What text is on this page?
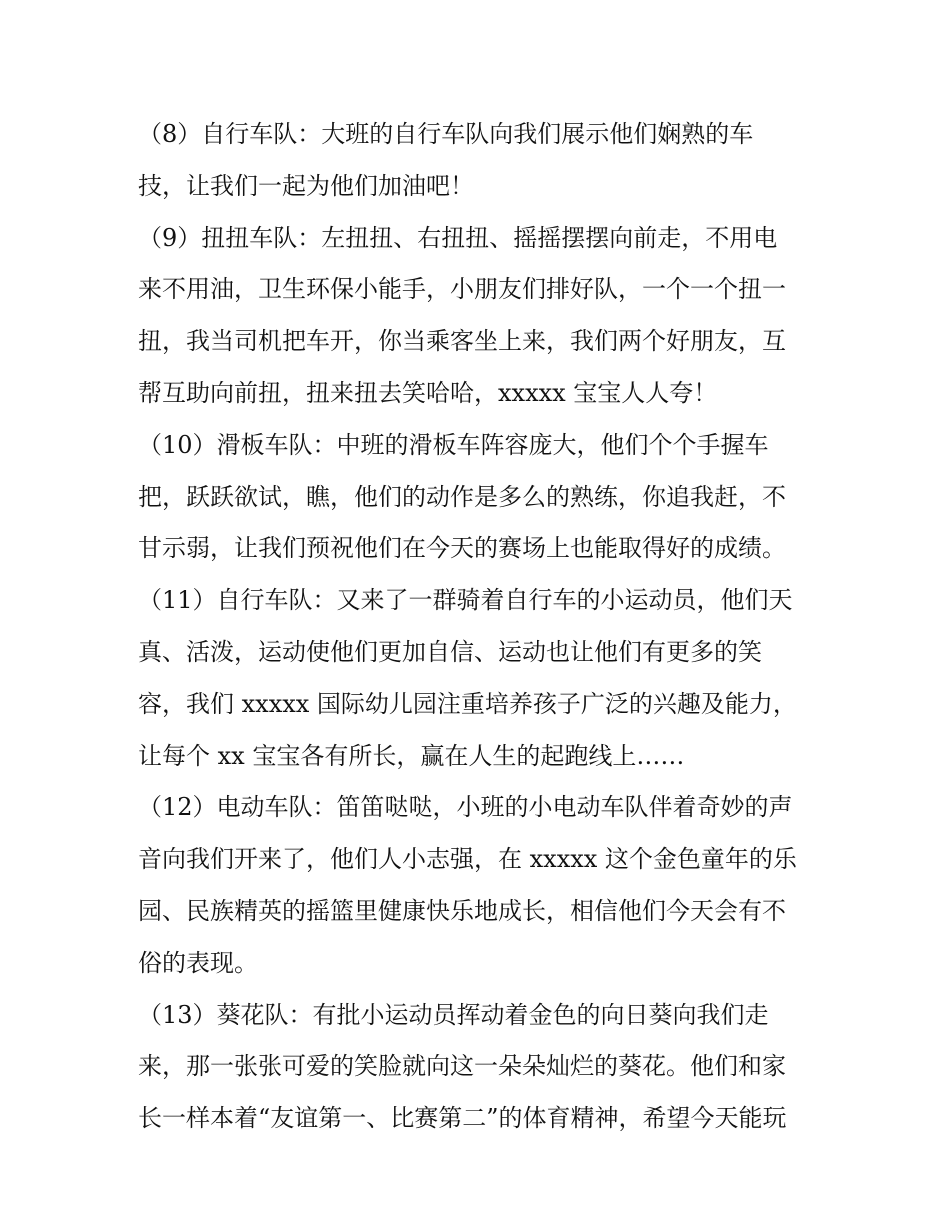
（8）自行车队：大班的自行车队向我们展示他们娴熟的车
技，让我们一起为他们加油吧！
（9）扭扭车队：左扭扭、右扭扭、摇摇摆摆向前走，不用电
来不用油，卫生环保小能手，小朋友们排好队，一个一个扭一
扭，我当司机把车开，你当乘客坐上来，我们两个好朋友，互
帮互助向前扭，扭来扭去笑哈哈，xxxxx 宝宝人人夸！
（10）滑板车队：中班的滑板车阵容庞大，他们个个手握车
把，跃跃欲试，瞧，他们的动作是多么的熟练，你追我赶，不
甘示弱，让我们预祝他们在今天的赛场上也能取得好的成绩。
（11）自行车队：又来了一群骑着自行车的小运动员，他们天
真、活泼，运动使他们更加自信、运动也让他们有更多的笑
容，我们 xxxxx 国际幼儿园注重培养孩子广泛的兴趣及能力，
让每个 xx 宝宝各有所长，赢在人生的起跑线上……
（12）电动车队：笛笛哒哒，小班的小电动车队伴着奇妙的声
音向我们开来了，他们人小志强，在 xxxxx 这个金色童年的乐
园、民族精英的摇篮里健康快乐地成长，相信他们今天会有不
俗的表现。
（13）葵花队：有批小运动员挥动着金色的向日葵向我们走
来，那一张张可爱的笑脸就向这一朵朵灿烂的葵花。他们和家
长一样本着“友谊第一、比赛第二”的体育精神，希望今天能玩
